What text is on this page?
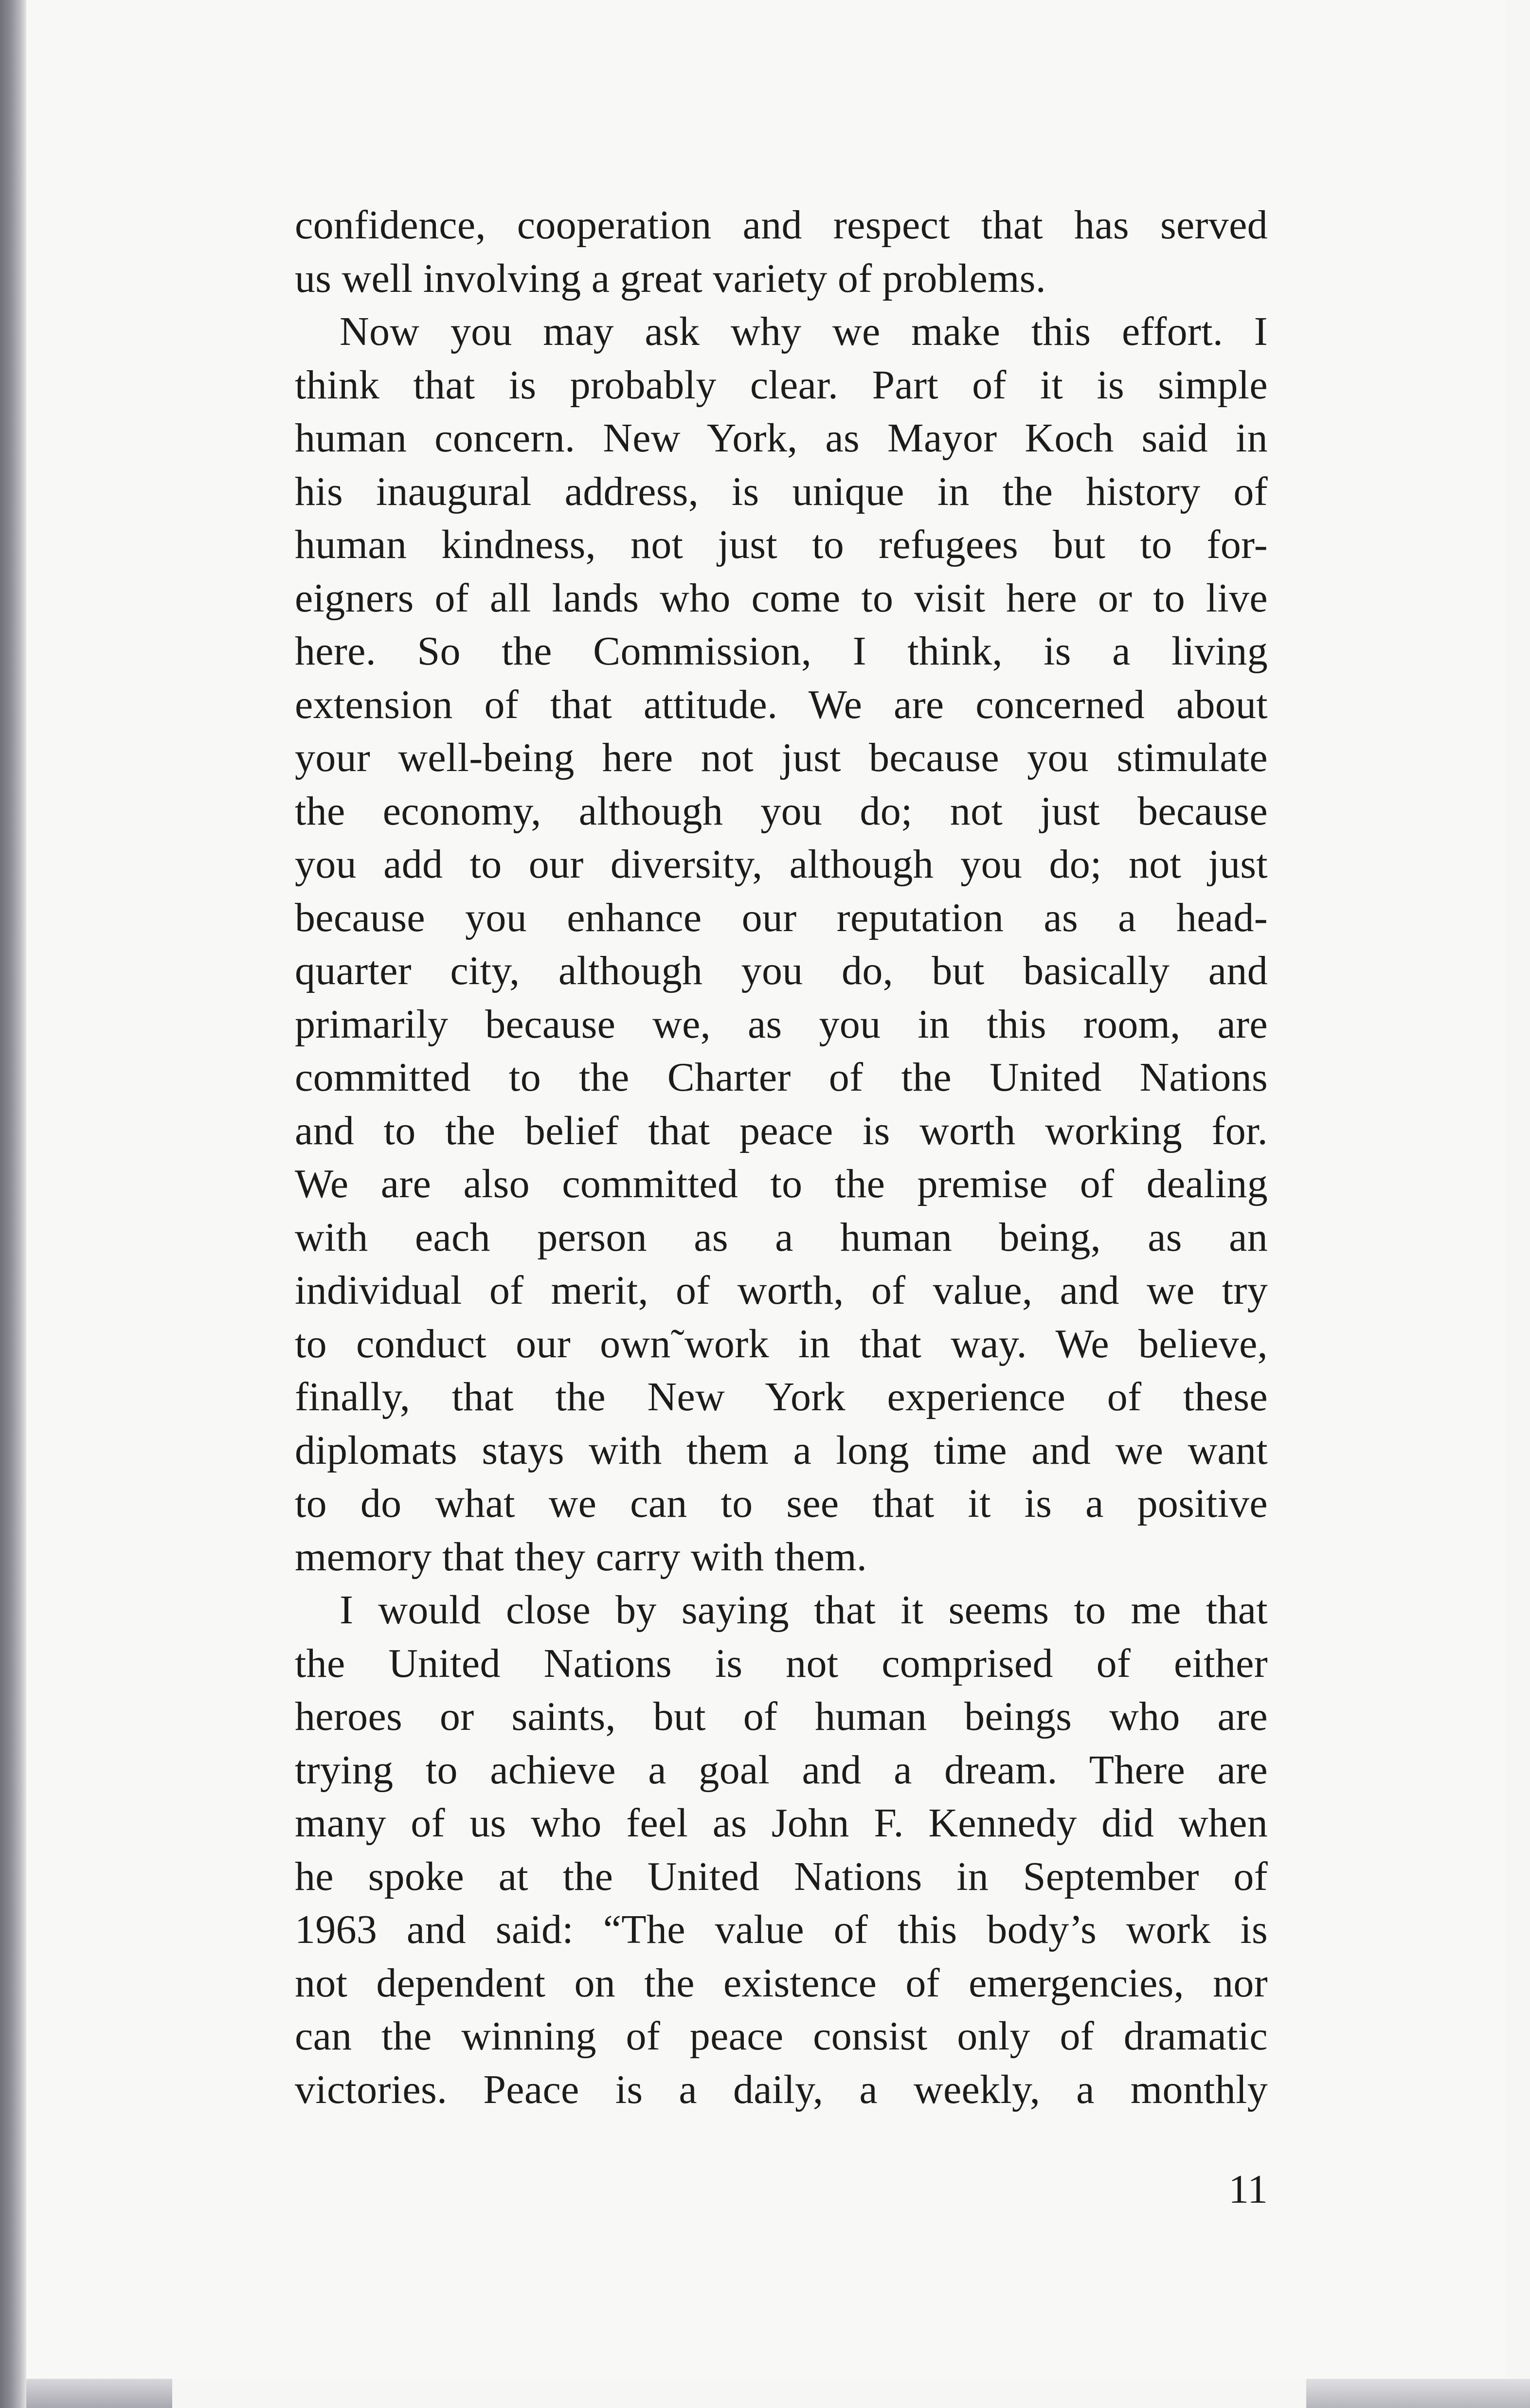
confidence, cooperation and respect that has served
us well involving a great variety of problems.
Now you may ask why we make this effort. I
think that is probably clear. Part of it is simple
human concern. New York, as Mayor Koch said in
his inaugural address, is unique in the history of
human kindness, not just to refugees but to for-
eigners of all lands who come to visit here or to live
here. So the Commission, I think, is a living
extension of that attitude. We are concerned about
your well-being here not just because you stimulate
the economy, although you do; not just because
you add to our diversity, although you do; not just
because you enhance our reputation as a head-
quarter city, although you do, but basically and
primarily because we, as you in this room, are
committed to the Charter of the United Nations
and to the belief that peace is worth working for.
We are also committed to the premise of dealing
with each person as a human being, as an
individual of merit, of worth, of value, and we try
to conduct our own˜work in that way. We believe,
finally, that the New York experience of these
diplomats stays with them a long time and we want
to do what we can to see that it is a positive
memory that they carry with them.
I would close by saying that it seems to me that
the United Nations is not comprised of either
heroes or saints, but of human beings who are
trying to achieve a goal and a dream. There are
many of us who feel as John F. Kennedy did when
he spoke at the United Nations in September of
1963 and said: “The value of this body’s work is
not dependent on the existence of emergencies, nor
can the winning of peace consist only of dramatic
victories. Peace is a daily, a weekly, a monthly
11
